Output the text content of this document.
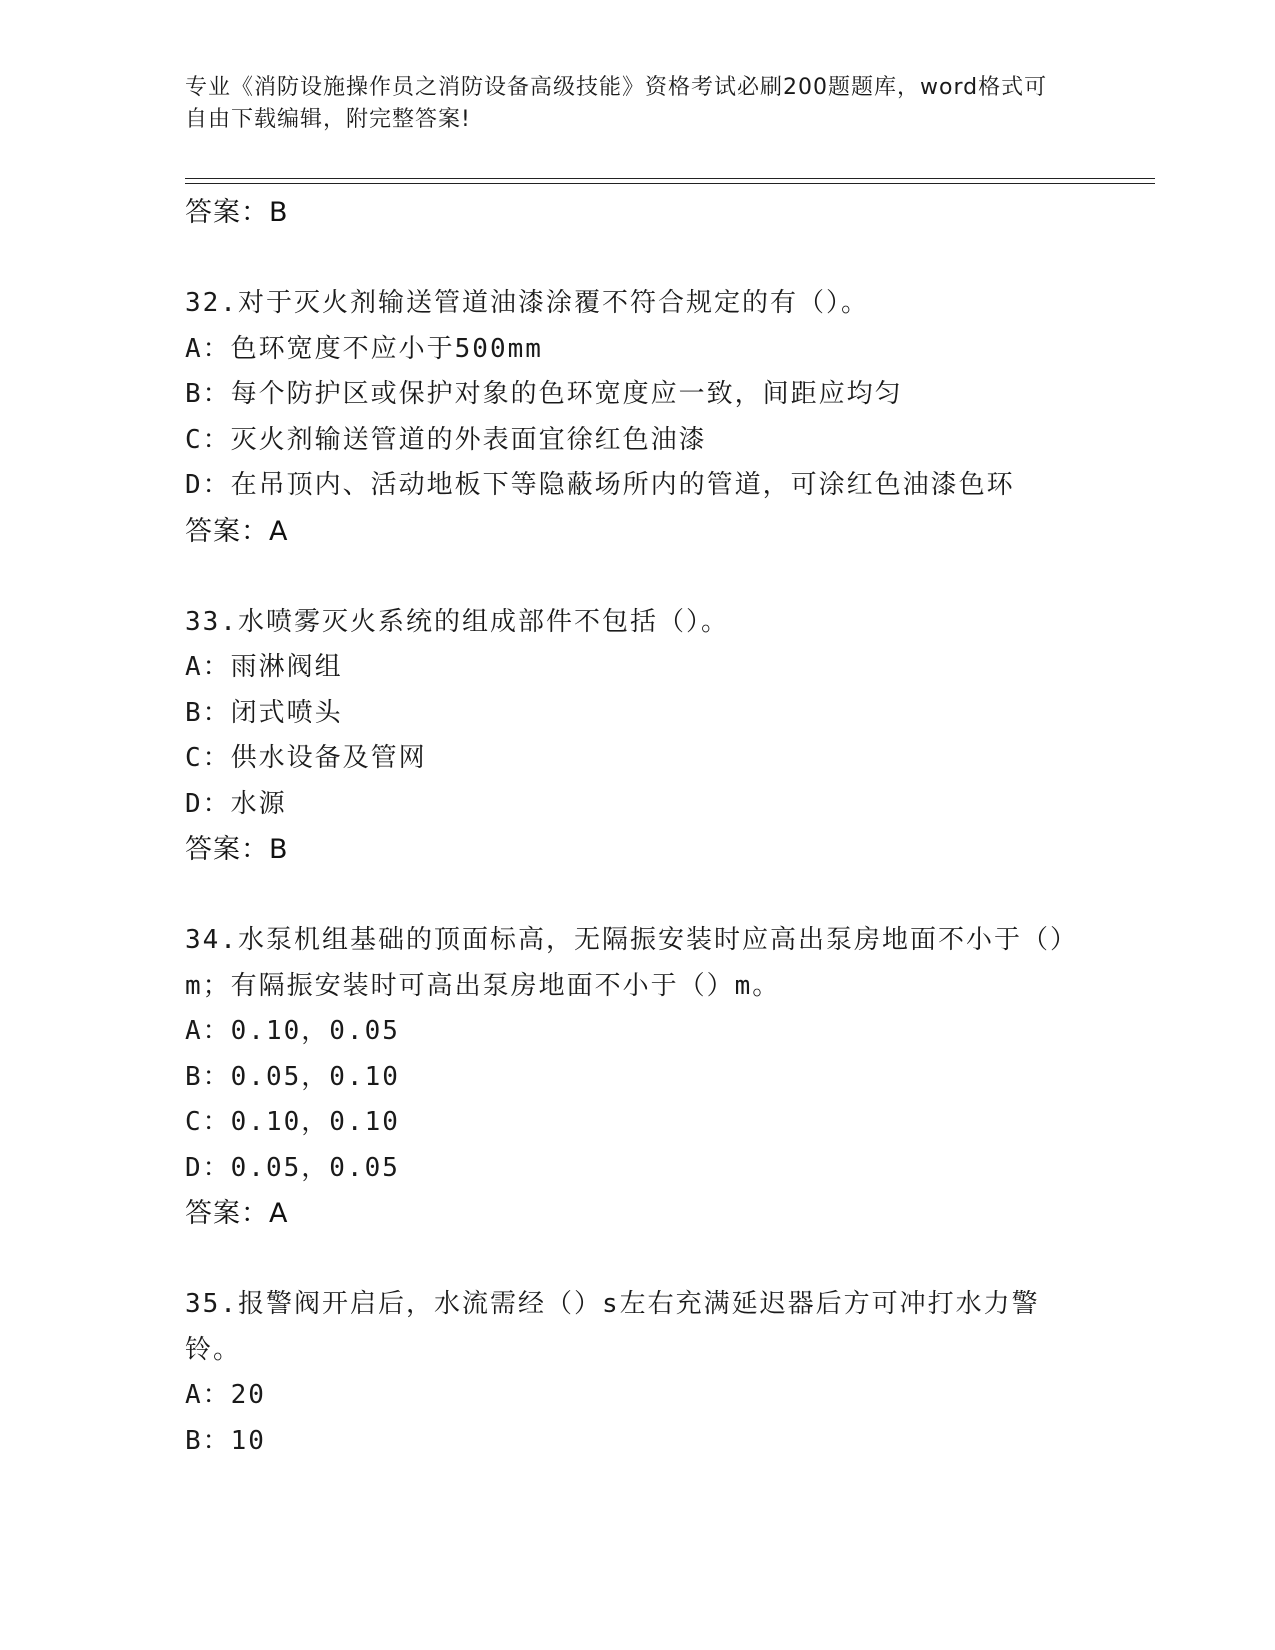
专业《消防设施操作员之消防设备高级技能》资格考试必刷200题题库，word格式可自由下载编辑，附完整答案!
答案：B
32.对于灭火剂输送管道油漆涂覆不符合规定的有（）。
A：色环宽度不应小于500mm
B：每个防护区或保护对象的色环宽度应一致，间距应均匀
C：灭火剂输送管道的外表面宜徐红色油漆
D：在吊顶内、活动地板下等隐蔽场所内的管道，可涂红色油漆色环
答案：A
33.水喷雾灭火系统的组成部件不包括（）。
A：雨淋阀组
B：闭式喷头
C：供水设备及管网
D：水源
答案：B
34.水泵机组基础的顶面标高，无隔振安装时应高出泵房地面不小于（）m；有隔振安装时可高出泵房地面不小于（）m。
A：0.10，0.05
B：0.05，0.10
C：0.10，0.10
D：0.05，0.05
答案：A
35.报警阀开启后，水流需经（）s左右充满延迟器后方可冲打水力警铃。
A：20
B：10
